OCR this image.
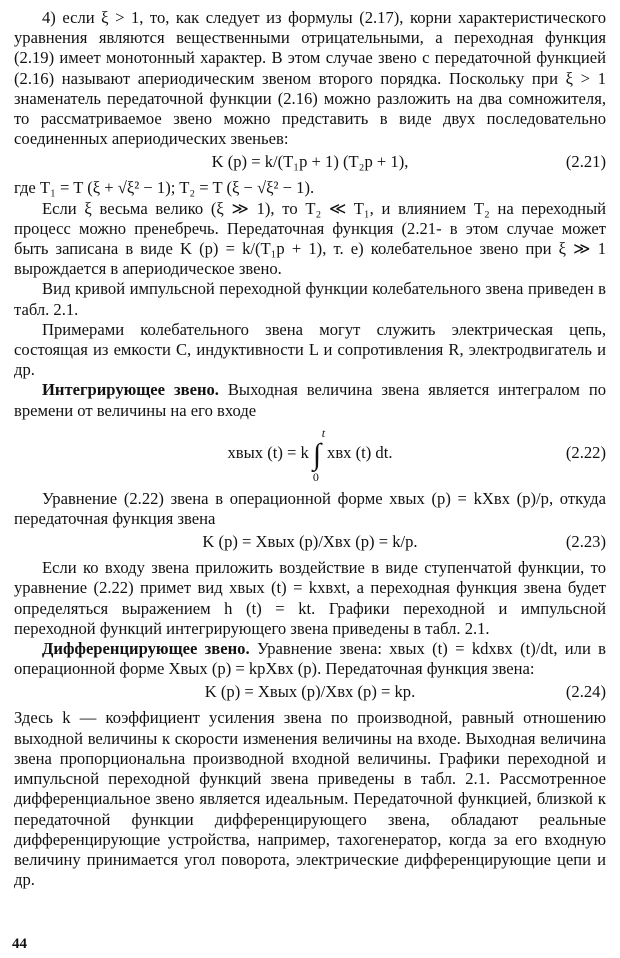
4) если ξ > 1, то, как следует из формулы (2.17), корни характеристического уравнения являются вещественными отрицательными, а переходная функция (2.19) имеет монотонный характер. В этом случае звено с передаточной функцией (2.16) называют апериодическим звеном второго порядка. Поскольку при ξ > 1 знаменатель передаточной функции (2.16) можно разложить на два сомножителя, то рассматриваемое звено можно представить в виде двух последовательно соединенных апериодических звеньев:

K (p) = k/(T₁p + 1) (T₂p + 1),	(2.21)

где T₁ = T (ξ + √ξ² − 1); T₂ = T (ξ − √ξ² − 1).

Если ξ весьма велико (ξ ≫ 1), то T₂ ≪ T₁, и влиянием T₂ на переходный процесс можно пренебречь. Передаточная функция (2.21- в этом случае может быть записана в виде K (p) = k/(T₁p + 1), т. е) колебательное звено при ξ ≫ 1 вырождается в апериодическое звено.

Вид кривой импульсной переходной функции колебательного звена приведен в табл. 2.1.

Примерами колебательного звена могут служить электрическая цепь, состоящая из емкости C, индуктивности L и сопротивления R, электродвигатель и др.

Интегрирующее звено. Выходная величина звена является интегралом по времени от величины на его входе

xвых (t) = k ∫
t
0
xвх (t) dt.	(2.22)

Уравнение (2.22) звена в операционной форме xвых (p) = kXвх (p)/p, откуда передаточная функция звена

K (p) = Xвых (p)/Xвх (p) = k/p.	(2.23)

Если ко входу звена приложить воздействие в виде ступенчатой функции, то уравнение (2.22) примет вид xвых (t) = kxвхt, а переходная функция звена будет определяться выражением h (t) = kt. Графики переходной и импульсной переходной функций интегрирующего звена приведены в табл. 2.1.

Дифференцирующее звено. Уравнение звена: xвых (t) = kdxвх (t)/dt, или в операционной форме Xвых (p) = kpXвх (p). Передаточная функция звена:

K (p) = Xвых (p)/Xвх (p) = kp.	(2.24)

Здесь k — коэффициент усиления звена по производной, равный отношению выходной величины к скорости изменения величины на входе. Выходная величина звена пропорциональна производной входной величины. Графики переходной и импульсной переходной функций звена приведены в табл. 2.1. Рассмотренное дифференциальное звено является идеальным. Передаточной функцией, близкой к передаточной функции дифференцирующего звена, обладают реальные дифференцирующие устройства, например, тахогенератор, когда за его входную величину принимается угол поворота, электрические дифференцирующие цепи и др.

44
